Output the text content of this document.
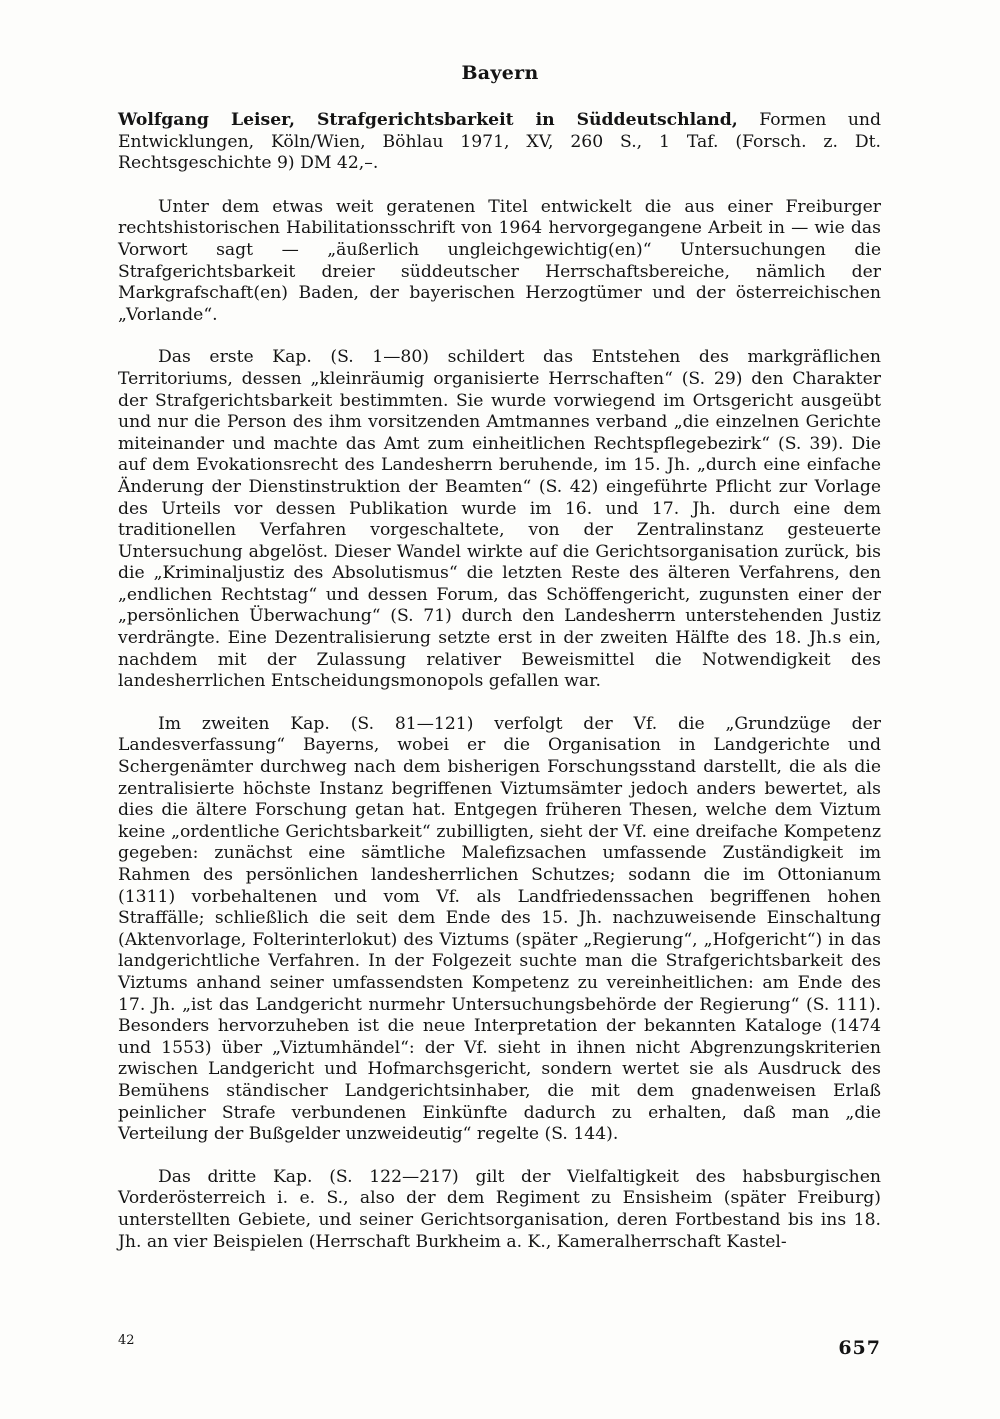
Bayern

Wolfgang Leiser, Strafgerichtsbarkeit in Süddeutschland, Formen und Entwicklungen, Köln/Wien, Böhlau 1971, XV, 260 S., 1 Taf. (Forsch. z. Dt. Rechtsgeschichte 9) DM 42,–.

Unter dem etwas weit geratenen Titel entwickelt die aus einer Freiburger rechtshistorischen Habilitationsschrift von 1964 hervorgegangene Arbeit in — wie das Vorwort sagt — „äußerlich ungleichgewichtig(en)“ Untersuchungen die Strafgerichtsbarkeit dreier süddeutscher Herrschaftsbereiche, nämlich der Markgrafschaft(en) Baden, der bayerischen Herzogtümer und der österreichischen „Vorlande“.

Das erste Kap. (S. 1—80) schildert das Entstehen des markgräflichen Territoriums, dessen „kleinräumig organisierte Herrschaften“ (S. 29) den Charakter der Strafgerichtsbarkeit bestimmten. Sie wurde vorwiegend im Ortsgericht ausgeübt und nur die Person des ihm vorsitzenden Amtmannes verband „die einzelnen Gerichte miteinander und machte das Amt zum einheitlichen Rechtspflegebezirk“ (S. 39). Die auf dem Evokationsrecht des Landesherrn beruhende, im 15. Jh. „durch eine einfache Änderung der Dienstinstruktion der Beamten“ (S. 42) eingeführte Pflicht zur Vorlage des Urteils vor dessen Publikation wurde im 16. und 17. Jh. durch eine dem traditionellen Verfahren vorgeschaltete, von der Zentralinstanz gesteuerte Untersuchung abgelöst. Dieser Wandel wirkte auf die Gerichtsorganisation zurück, bis die „Kriminaljustiz des Absolutismus“ die letzten Reste des älteren Verfahrens, den „endlichen Rechtstag“ und dessen Forum, das Schöffengericht, zugunsten einer der „persönlichen Überwachung“ (S. 71) durch den Landesherrn unterstehenden Justiz verdrängte. Eine Dezentralisierung setzte erst in der zweiten Hälfte des 18. Jh.s ein, nachdem mit der Zulassung relativer Beweismittel die Notwendigkeit des landesherrlichen Entscheidungsmonopols gefallen war.

Im zweiten Kap. (S. 81—121) verfolgt der Vf. die „Grundzüge der Landesverfassung“ Bayerns, wobei er die Organisation in Landgerichte und Schergenämter durchweg nach dem bisherigen Forschungsstand darstellt, die als die zentralisierte höchste Instanz begriffenen Viztumsämter jedoch anders bewertet, als dies die ältere Forschung getan hat. Entgegen früheren Thesen, welche dem Viztum keine „ordentliche Gerichtsbarkeit“ zubilligten, sieht der Vf. eine dreifache Kompetenz gegeben: zunächst eine sämtliche Malefizsachen umfassende Zuständigkeit im Rahmen des persönlichen landesherrlichen Schutzes; sodann die im Ottonianum (1311) vorbehaltenen und vom Vf. als Landfriedenssachen begriffenen hohen Straffälle; schließlich die seit dem Ende des 15. Jh. nachzuweisende Einschaltung (Aktenvorlage, Folterinterlokut) des Viztums (später „Regierung“, „Hofgericht“) in das landgerichtliche Verfahren. In der Folgezeit suchte man die Strafgerichtsbarkeit des Viztums anhand seiner umfassendsten Kompetenz zu vereinheitlichen: am Ende des 17. Jh. „ist das Landgericht nurmehr Untersuchungsbehörde der Regierung“ (S. 111). Besonders hervorzuheben ist die neue Interpretation der bekannten Kataloge (1474 und 1553) über „Viztumhändel“: der Vf. sieht in ihnen nicht Abgrenzungskriterien zwischen Landgericht und Hofmarchsgericht, sondern wertet sie als Ausdruck des Bemühens ständischer Landgerichtsinhaber, die mit dem gnadenweisen Erlaß peinlicher Strafe verbundenen Einkünfte dadurch zu erhalten, daß man „die Verteilung der Bußgelder unzweideutig“ regelte (S. 144).

Das dritte Kap. (S. 122—217) gilt der Vielfaltigkeit des habsburgischen Vorderösterreich i. e. S., also der dem Regiment zu Ensisheim (später Freiburg) unterstellten Gebiete, und seiner Gerichtsorganisation, deren Fortbestand bis ins 18. Jh. an vier Beispielen (Herrschaft Burkheim a. K., Kameralherrschaft Kastel-

42	657
